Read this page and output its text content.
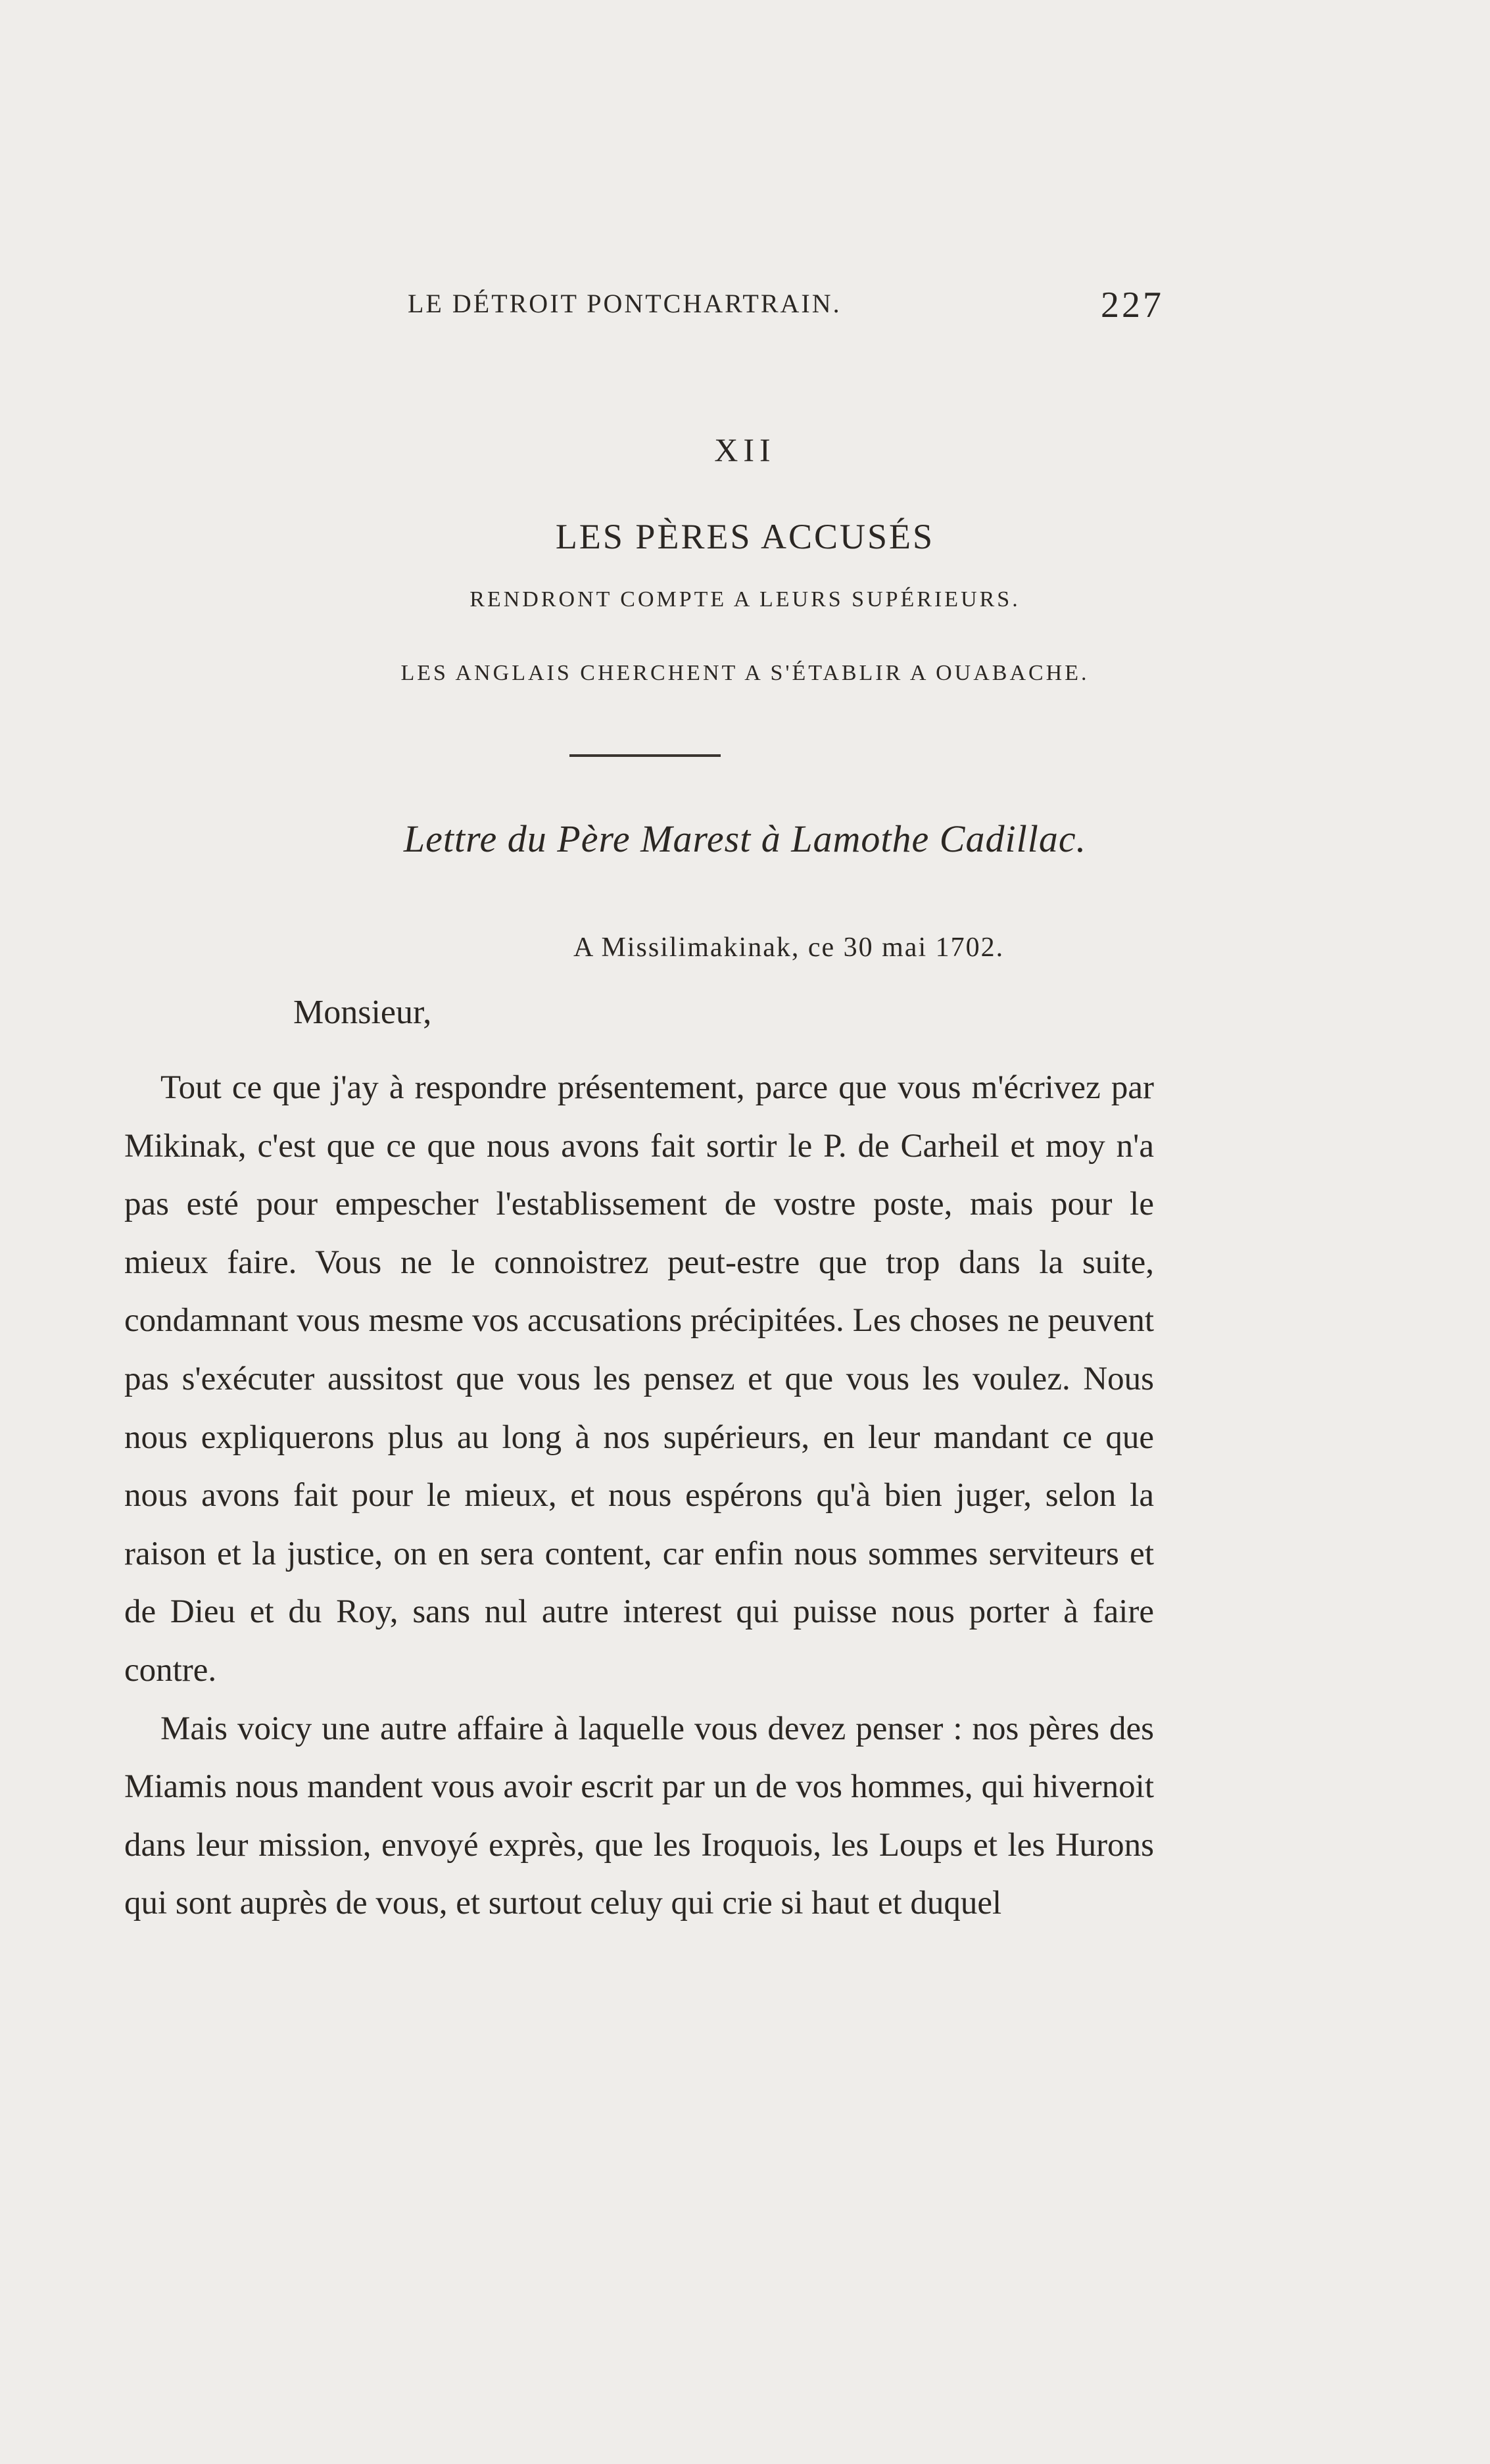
LE DÉTROIT PONTCHARTRAIN.	227
XII
LES PÈRES ACCUSÉS
RENDRONT COMPTE A LEURS SUPÉRIEURS.
LES ANGLAIS CHERCHENT A S'ÉTABLIR A OUABACHE.
Lettre du Père Marest à Lamothe Cadillac.
A Missilimakinak, ce 30 mai 1702.
Monsieur,

Tout ce que j'ay à respondre présentement, parce que vous m'écrivez par Mikinak, c'est que ce que nous avons fait sortir le P. de Carheil et moy n'a pas esté pour empescher l'establissement de vostre poste, mais pour le mieux faire. Vous ne le connoistrez peut-estre que trop dans la suite, condamnant vous mesme vos accusations précipitées. Les choses ne peuvent pas s'exécuter aussitost que vous les pensez et que vous les voulez. Nous nous expliquerons plus au long à nos supérieurs, en leur mandant ce que nous avons fait pour le mieux, et nous espérons qu'à bien juger, selon la raison et la justice, on en sera content, car enfin nous sommes serviteurs et de Dieu et du Roy, sans nul autre interest qui puisse nous porter à faire contre.

Mais voicy une autre affaire à laquelle vous devez penser : nos pères des Miamis nous mandent vous avoir escrit par un de vos hommes, qui hivernoit dans leur mission, envoyé exprès, que les Iroquois, les Loups et les Hurons qui sont auprès de vous, et surtout celuy qui crie si haut et duquel
